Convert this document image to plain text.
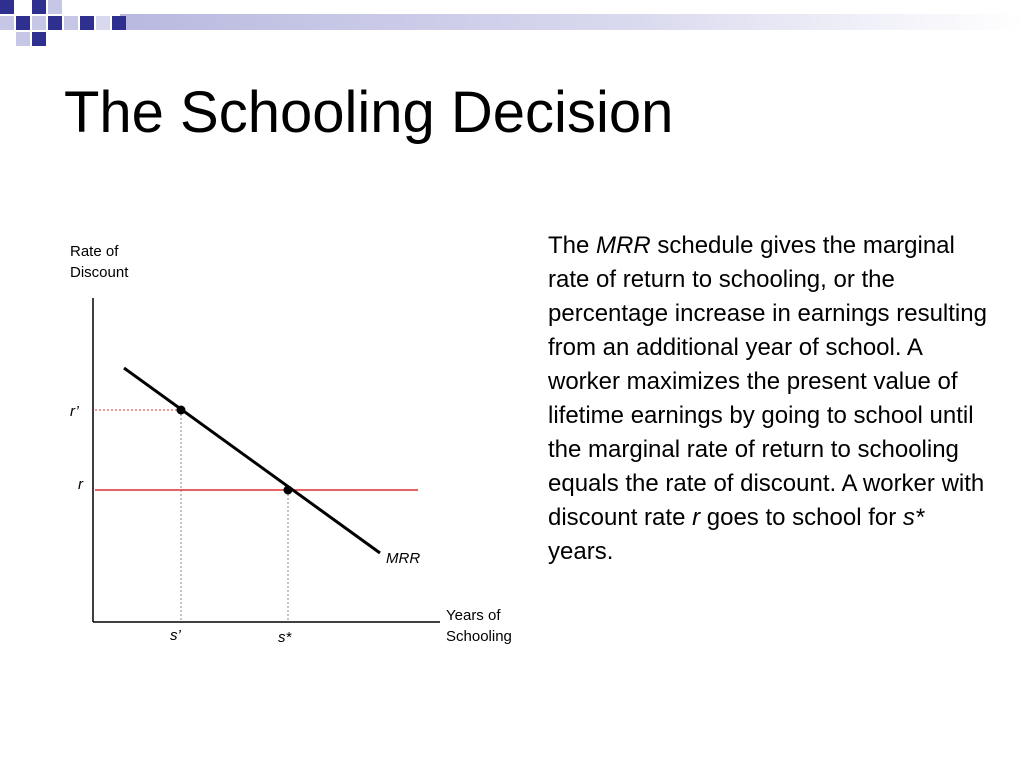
The Schooling Decision
Rate of
Discount
Years of
Schooling
r’
r
s’	s*
MRR

The MRR schedule gives the marginal rate of return to schooling, or the percentage increase in earnings resulting from an additional year of school. A worker maximizes the present value of lifetime earnings by going to school until the marginal rate of return to schooling equals the rate of discount. A worker with discount rate r goes to school for s* years.
